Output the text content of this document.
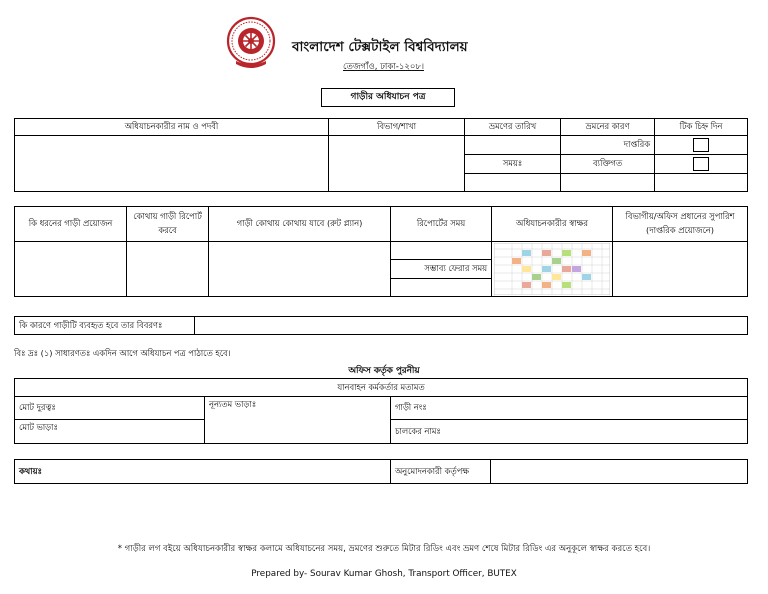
বাংলাদেশ টেক্সটাইল বিশ্ববিদ্যালয়
তেজগাঁও, ঢাকা-১২০৮।
গাড়ীর অধিযাচন পত্র
অধিযাচনকারীর নাম ও পদবী	বিভাগ/শাখা	ভ্রমণের তারিখ	ভ্রমনের কারণ	টিক চিহ্ন দিন
			দাপ্তরিক	
		সময়ঃ	ব্যক্তিগত	

কি ধরনের গাড়ী প্রয়োজন	কোথায় গাড়ী রিপোর্ট করবে	গাড়ী কোথায় কোথায় যাবে (রুট প্ল্যান)	রিপোর্টের সময়	অধিযাচনকারীর স্বাক্ষর	বিভাগীয়/অফিস প্রধানের সুপারিশ (দাপ্তরিক প্রয়োজনে)

			সম্ভাব্য ফেরার সময়		

কি কারণে গাড়ীটি ব্যবহৃত হবে তার বিবরণঃ	
বিঃ দ্রঃ (১) সাধারণতঃ একদিন আগে অধিযাচন পত্র পাঠাতে হবে।
অফিস কর্তৃক পুরনীয়
যানবাহন কর্মকর্তার মতামত		
মোট দুরত্বঃ	নূন্যতম ভাড়াঃ	গাড়ী নংঃ
মোট ভাড়াঃ		চালকের নামঃ
কথায়ঃ	অনুমোদনকারী কর্তৃপক্ষ	
* গাড়ীর লগ বইয়ে অধিযাচনকারীর স্বাক্ষর কলামে অধিযাচনের সময়, ভ্রমণের শুরুতে মিটার রিডিং এবং ভ্রমণ শেষে মিটার রিডিং এর অনুকূলে স্বাক্ষর করতে হবে।
Prepared by- Sourav Kumar Ghosh, Transport Officer, BUTEX
